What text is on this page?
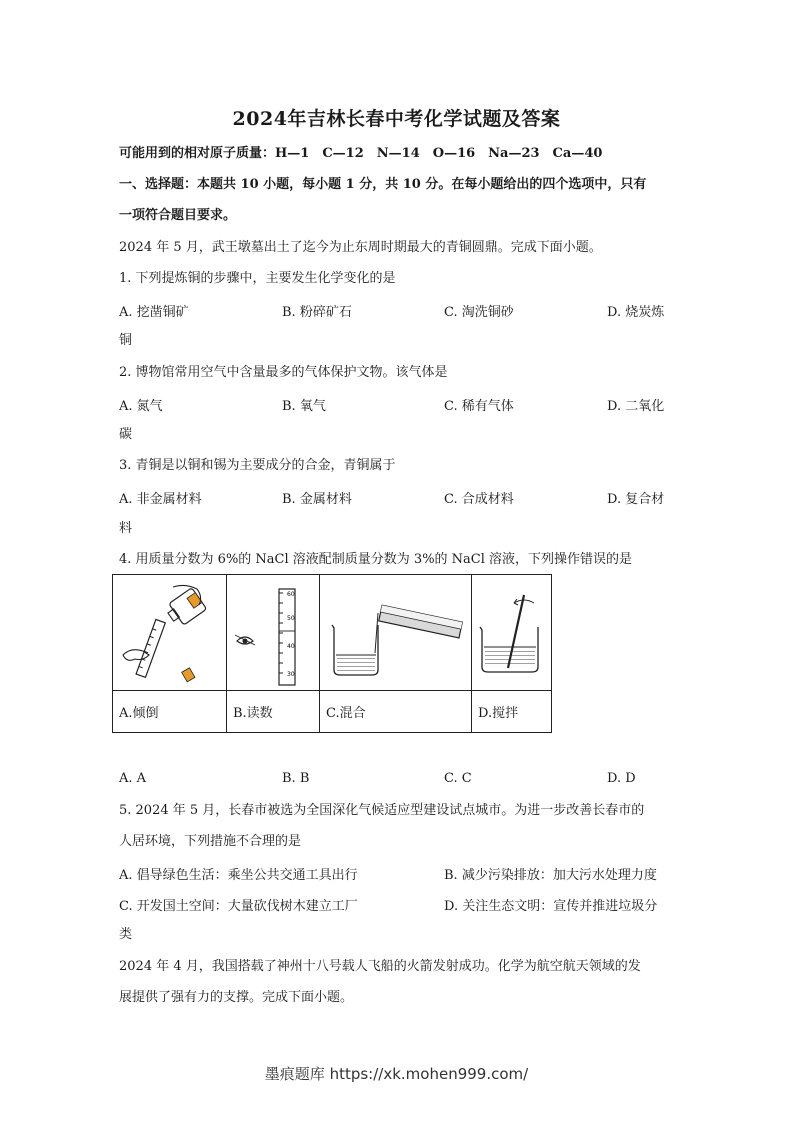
2024年吉林长春中考化学试题及答案
可能用到的相对原子质量：H—1　C—12　N—14　O—16　Na—23　Ca—40
一、选择题：本题共 10 小题，每小题 1 分，共 10 分。在每小题给出的四个选项中，只有
一项符合题目要求。
2024 年 5 月，武王墩墓出土了迄今为止东周时期最大的青铜圆鼎。完成下面小题。
1. 下列提炼铜的步骤中，主要发生化学变化的是
A. 挖凿铜矿	B. 粉碎矿石	C. 淘洗铜砂	D. 烧炭炼
铜
2. 博物馆常用空气中含量最多的气体保护文物。该气体是
A. 氮气	B. 氧气	C. 稀有气体	D. 二氧化
碳
3. 青铜是以铜和锡为主要成分的合金，青铜属于
A. 非金属材料	B. 金属材料	C. 合成材料	D. 复合材
料
4. 用质量分数为 6%的 NaCl 溶液配制质量分数为 3%的 NaCl 溶液，下列操作错误的是

60
50
40
30

A.倾倒	B.读数	C.混合	D.搅拌
A. A	B. B	C. C	D. D
5. 2024 年 5 月，长春市被选为全国深化气候适应型建设试点城市。为进一步改善长春市的
人居环境，下列措施不合理的是
A. 倡导绿色生活：乘坐公共交通工具出行	B. 减少污染排放：加大污水处理力度
C. 开发国土空间：大量砍伐树木建立工厂	D. 关注生态文明：宣传并推进垃圾分
类
2024 年 4 月，我国搭载了神州十八号载人飞船的火箭发射成功。化学为航空航天领域的发
展提供了强有力的支撑。完成下面小题。
墨痕题库 https://xk.mohen999.com/
